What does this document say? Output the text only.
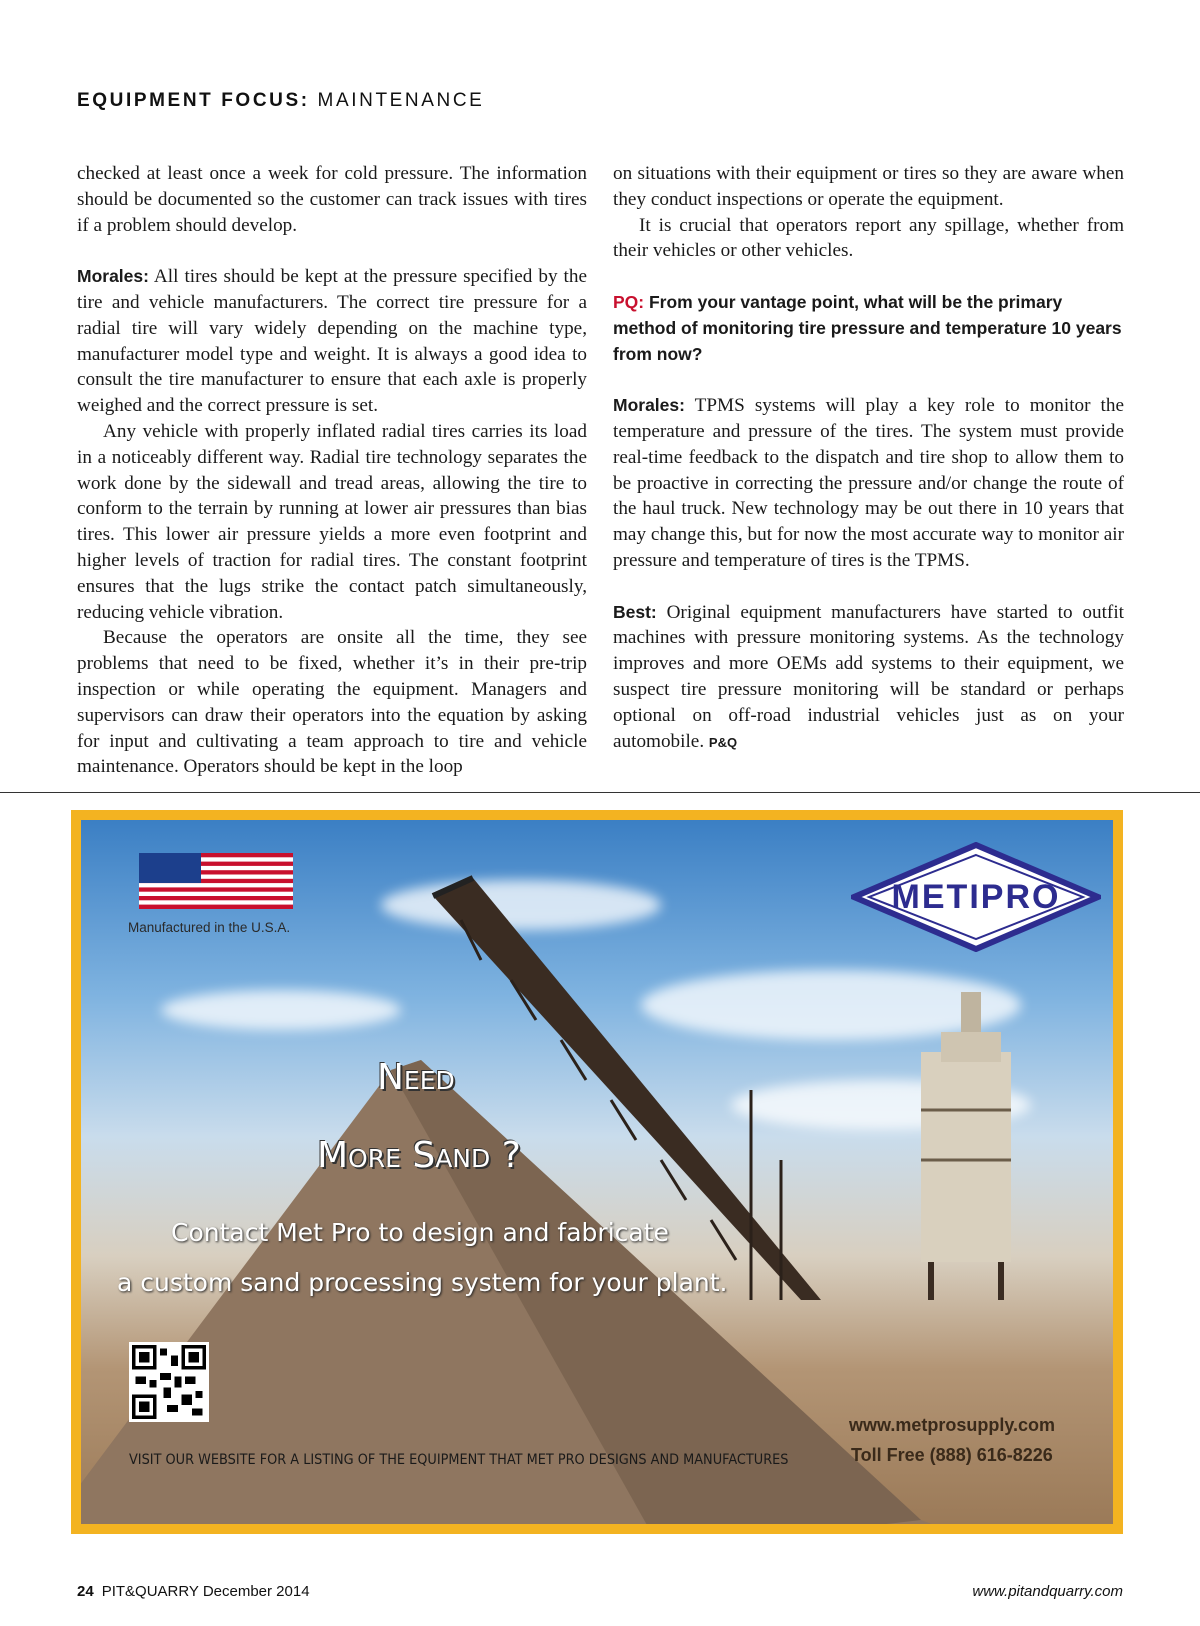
EQUIPMENT FOCUS: MAINTENANCE

checked at least once a week for cold pressure. The information should be documented so the customer can track issues with tires if a problem should develop.

Morales: All tires should be kept at the pressure specified by the tire and vehicle manufacturers. The correct tire pressure for a radial tire will vary widely depending on the machine type, manufacturer model type and weight. It is always a good idea to consult the tire manufacturer to ensure that each axle is properly weighed and the correct pressure is set.

Any vehicle with properly inflated radial tires carries its load in a noticeably different way. Radial tire technology separates the work done by the sidewall and tread areas, allowing the tire to conform to the terrain by running at lower air pressures than bias tires. This lower air pressure yields a more even footprint and higher levels of traction for radial tires. The constant footprint ensures that the lugs strike the contact patch simultaneously, reducing vehicle vibration.

Because the operators are onsite all the time, they see problems that need to be fixed, whether it’s in their pre-trip inspection or while operating the equipment. Managers and supervisors can draw their operators into the equation by asking for input and cultivating a team approach to tire and vehicle maintenance. Operators should be kept in the loop

on situations with their equipment or tires so they are aware when they conduct inspections or operate the equipment.

It is crucial that operators report any spillage, whether from their vehicles or other vehicles.

PQ: From your vantage point, what will be the primary method of monitoring tire pressure and temperature 10 years from now?

Morales: TPMS systems will play a key role to monitor the temperature and pressure of the tires. The system must provide real-time feedback to the dispatch and tire shop to allow them to be proactive in correcting the pressure and/or change the route of the haul truck. New technology may be out there in 10 years that may change this, but for now the most accurate way to monitor air pressure and temperature of tires is the TPMS.

Best: Original equipment manufacturers have started to outfit machines with pressure monitoring systems. As the technology improves and more OEMs add systems to their equipment, we suspect tire pressure monitoring will be standard or perhaps optional on off-road industrial vehicles just as on your automobile. P&Q

Manufactured in the U.S.A.
METIPRO
Need
More Sand ?
Contact Met Pro to design and fabricate
a custom sand processing system for your plant.
www.metprosupply.com
Toll Free (888) 616-8226
VISIT OUR WEBSITE FOR A LISTING OF THE EQUIPMENT THAT MET PRO DESIGNS AND MANUFACTURES
24 PIT&QUARRY December 2014	www.pitandquarry.com
